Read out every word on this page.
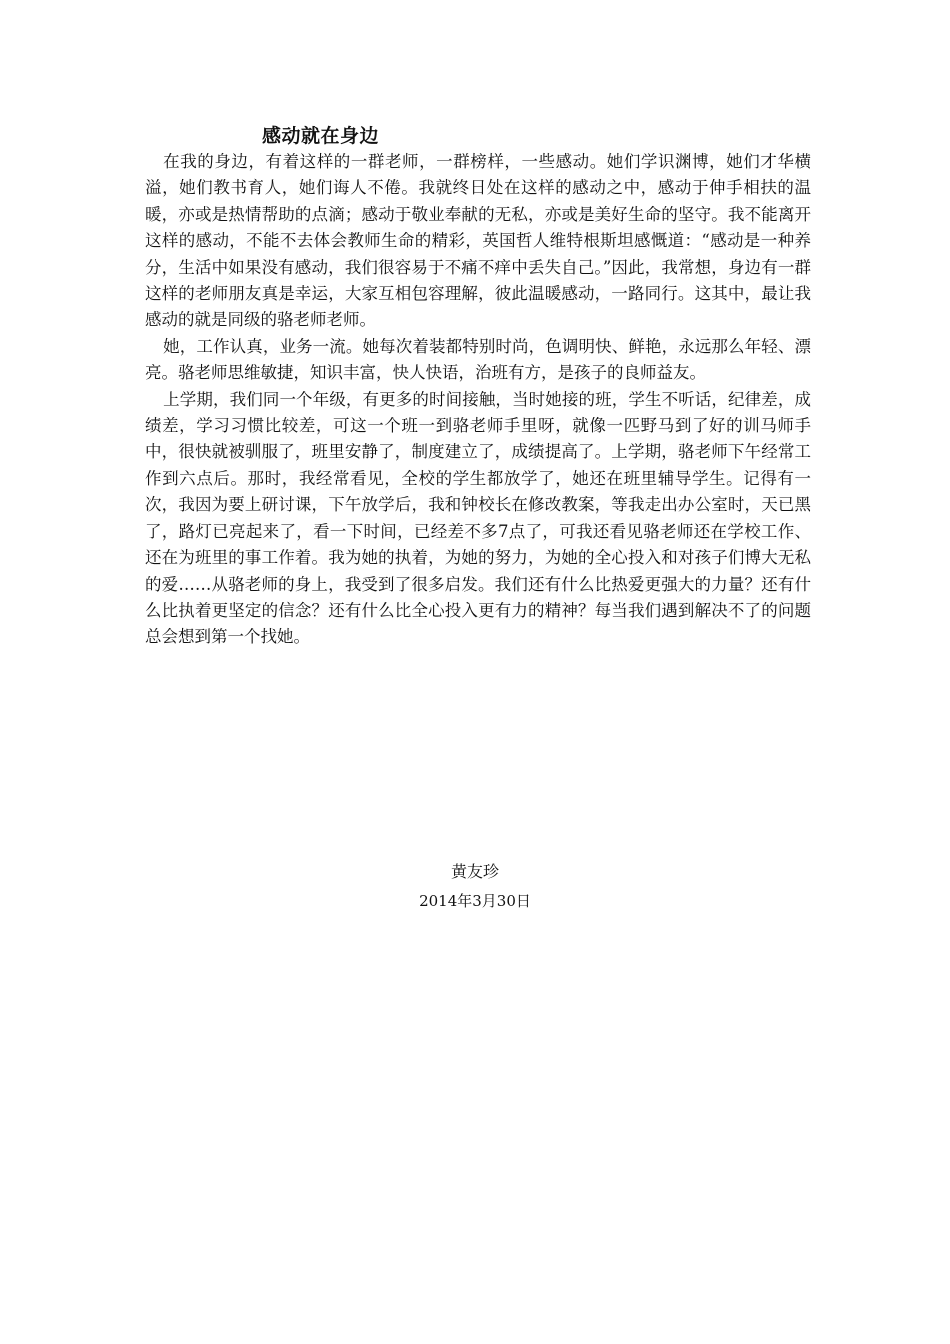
感动就在身边

在我的身边，有着这样的一群老师，一群榜样，一些感动。她们学识渊博，她们才华横溢，她们教书育人，她们诲人不倦。我就终日处在这样的感动之中，感动于伸手相扶的温暖，亦或是热情帮助的点滴；感动于敬业奉献的无私，亦或是美好生命的坚守。我不能离开这样的感动，不能不去体会教师生命的精彩，英国哲人维特根斯坦感慨道：“感动是一种养分，生活中如果没有感动，我们很容易于不痛不痒中丢失自己。”因此，我常想，身边有一群这样的老师朋友真是幸运，大家互相包容理解，彼此温暖感动，一路同行。这其中，最让我感动的就是同级的骆老师老师。

她，工作认真，业务一流。她每次着装都特别时尚，色调明快、鲜艳，永远那么年轻、漂亮。骆老师思维敏捷，知识丰富，快人快语，治班有方，是孩子的良师益友。

上学期，我们同一个年级，有更多的时间接触，当时她接的班，学生不听话，纪律差，成绩差，学习习惯比较差，可这一个班一到骆老师手里呀，就像一匹野马到了好的训马师手中，很快就被驯服了，班里安静了，制度建立了，成绩提高了。上学期，骆老师下午经常工作到六点后。那时，我经常看见，全校的学生都放学了，她还在班里辅导学生。记得有一次，我因为要上研讨课，下午放学后，我和钟校长在修改教案，等我走出办公室时，天已黑了，路灯已亮起来了，看一下时间，已经差不多7点了，可我还看见骆老师还在学校工作、还在为班里的事工作着。我为她的执着，为她的努力，为她的全心投入和对孩子们博大无私的爱……从骆老师的身上，我受到了很多启发。我们还有什么比热爱更强大的力量？还有什么比执着更坚定的信念？还有什么比全心投入更有力的精神？每当我们遇到解决不了的问题总会想到第一个找她。

黄友珍
2014年3月30日
